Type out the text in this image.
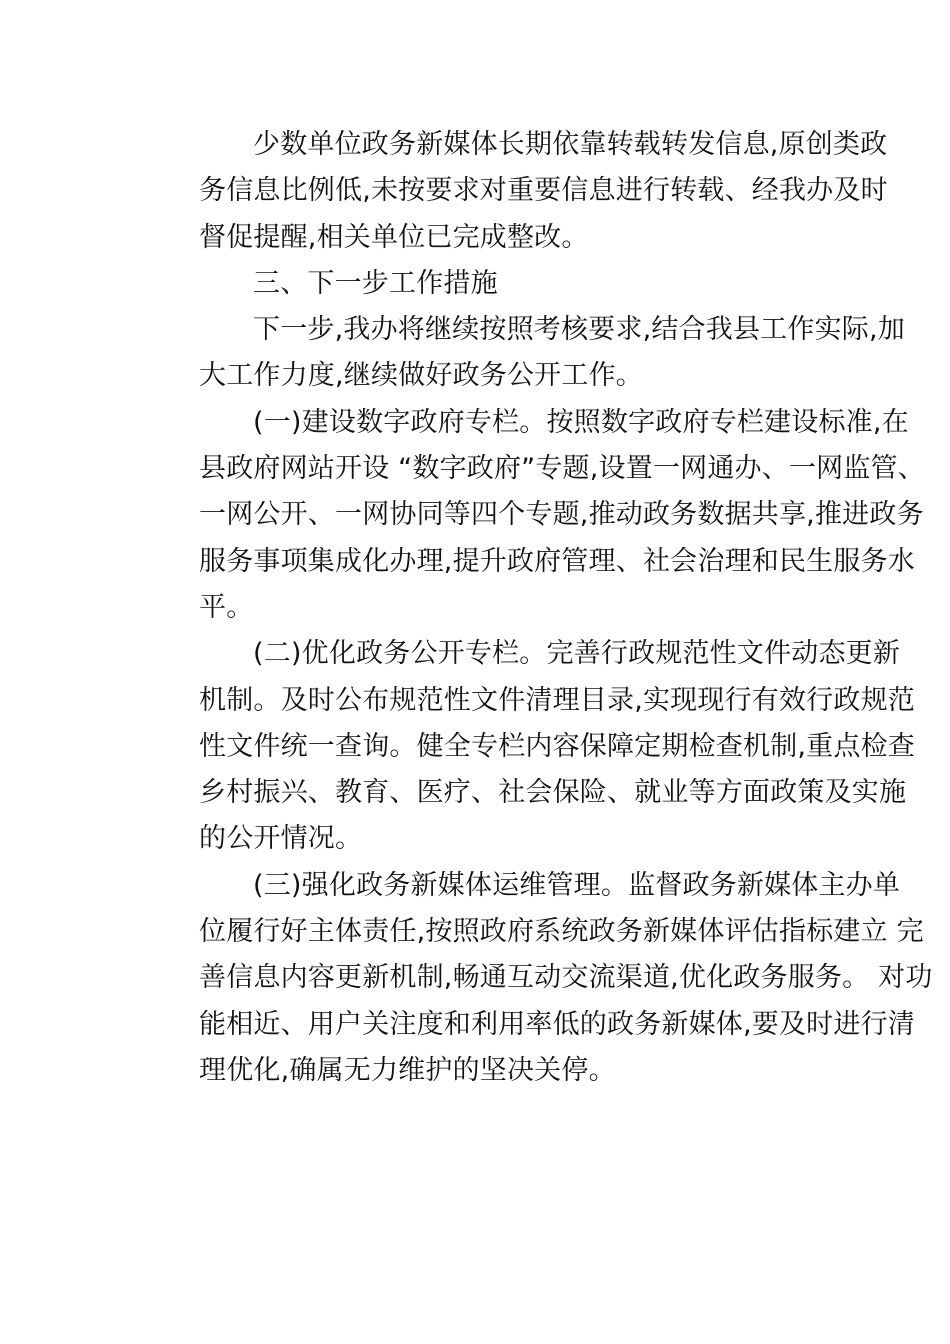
少数单位政务新媒体长期依靠转载转发信息,原创类政
务信息比例低,未按要求对重要信息进行转载、经我办及时
督促提醒,相关单位已完成整改。
三、下一步工作措施
下一步,我办将继续按照考核要求,结合我县工作实际,加
大工作力度,继续做好政务公开工作。
(一)建设数字政府专栏。按照数字政府专栏建设标准,在
县政府网站开设 “数字政府”专题,设置一网通办、一网监管、
一网公开、一网协同等四个专题,推动政务数据共享,推进政务
服务事项集成化办理,提升政府管理、社会治理和民生服务水
平。
(二)优化政务公开专栏。完善行政规范性文件动态更新
机制。及时公布规范性文件清理目录,实现现行有效行政规范
性文件统一查询。健全专栏内容保障定期检查机制,重点检查
乡村振兴、教育、医疗、社会保险、就业等方面政策及实施
的公开情况。
(三)强化政务新媒体运维管理。监督政务新媒体主办单
位履行好主体责任,按照政府系统政务新媒体评估指标建立 完
善信息内容更新机制,畅通互动交流渠道,优化政务服务。 对功
能相近、用户关注度和利用率低的政务新媒体,要及时进行清
理优化,确属无力维护的坚决关停。
